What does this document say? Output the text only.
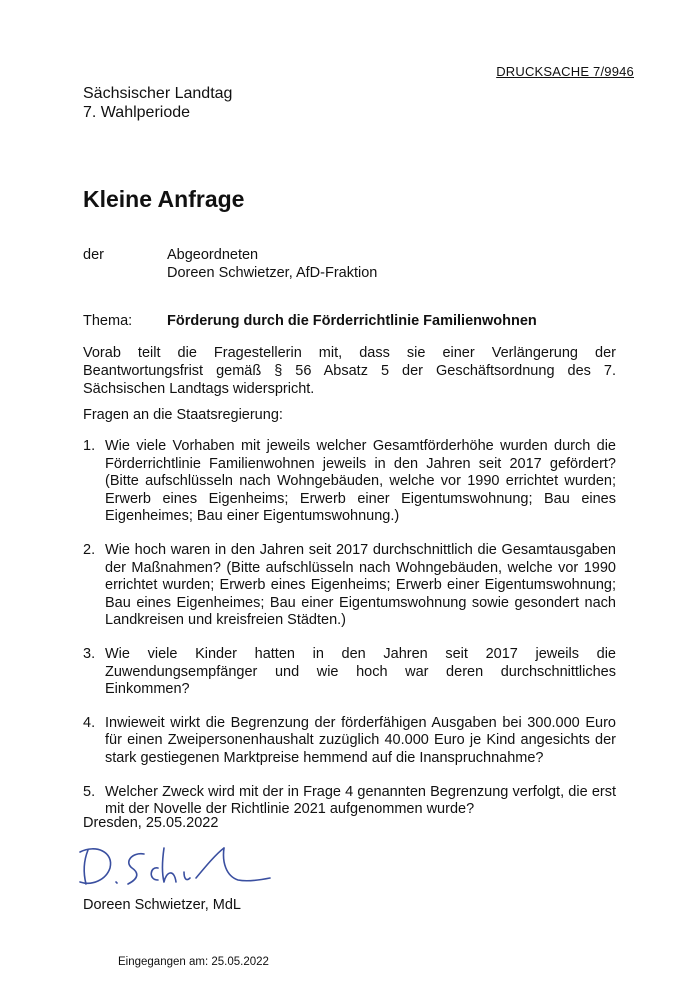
DRUCKSACHE 7/9946
Sächsischer Landtag
7. Wahlperiode
Kleine Anfrage
der	Abgeordneten
Doreen Schwietzer, AfD-Fraktion
Thema: Förderung durch die Förderrichtlinie Familienwohnen
Vorab teilt die Fragestellerin mit, dass sie einer Verlängerung der Beantwortungsfrist gemäß § 56 Absatz 5 der Geschäftsordnung des 7. Sächsischen Landtags widerspricht.
Fragen an die Staatsregierung:
1. Wie viele Vorhaben mit jeweils welcher Gesamtförderhöhe wurden durch die Förderrichtlinie Familienwohnen jeweils in den Jahren seit 2017 gefördert? (Bitte aufschlüsseln nach Wohngebäuden, welche vor 1990 errichtet wurden; Erwerb eines Eigenheims; Erwerb einer Eigentumswohnung; Bau eines Eigenheimes; Bau einer Eigentumswohnung.)
2. Wie hoch waren in den Jahren seit 2017 durchschnittlich die Gesamtausgaben der Maßnahmen? (Bitte aufschlüsseln nach Wohngebäuden, welche vor 1990 errichtet wurden; Erwerb eines Eigenheims; Erwerb einer Eigentumswohnung; Bau eines Eigenheimes; Bau einer Eigentumswohnung sowie gesondert nach Landkreisen und kreisfreien Städten.)
3. Wie viele Kinder hatten in den Jahren seit 2017 jeweils die Zuwendungsempfänger und wie hoch war deren durchschnittliches Einkommen?
4. Inwieweit wirkt die Begrenzung der förderfähigen Ausgaben bei 300.000 Euro für einen Zweipersonenhaushalt zuzüglich 40.000 Euro je Kind angesichts der stark gestiegenen Marktpreise hemmend auf die Inanspruchnahme?
5. Welcher Zweck wird mit der in Frage 4 genannten Begrenzung verfolgt, die erst mit der Novelle der Richtlinie 2021 aufgenommen wurde?
Dresden, 25.05.2022
Doreen Schwietzer, MdL
Eingegangen am: 25.05.2022
